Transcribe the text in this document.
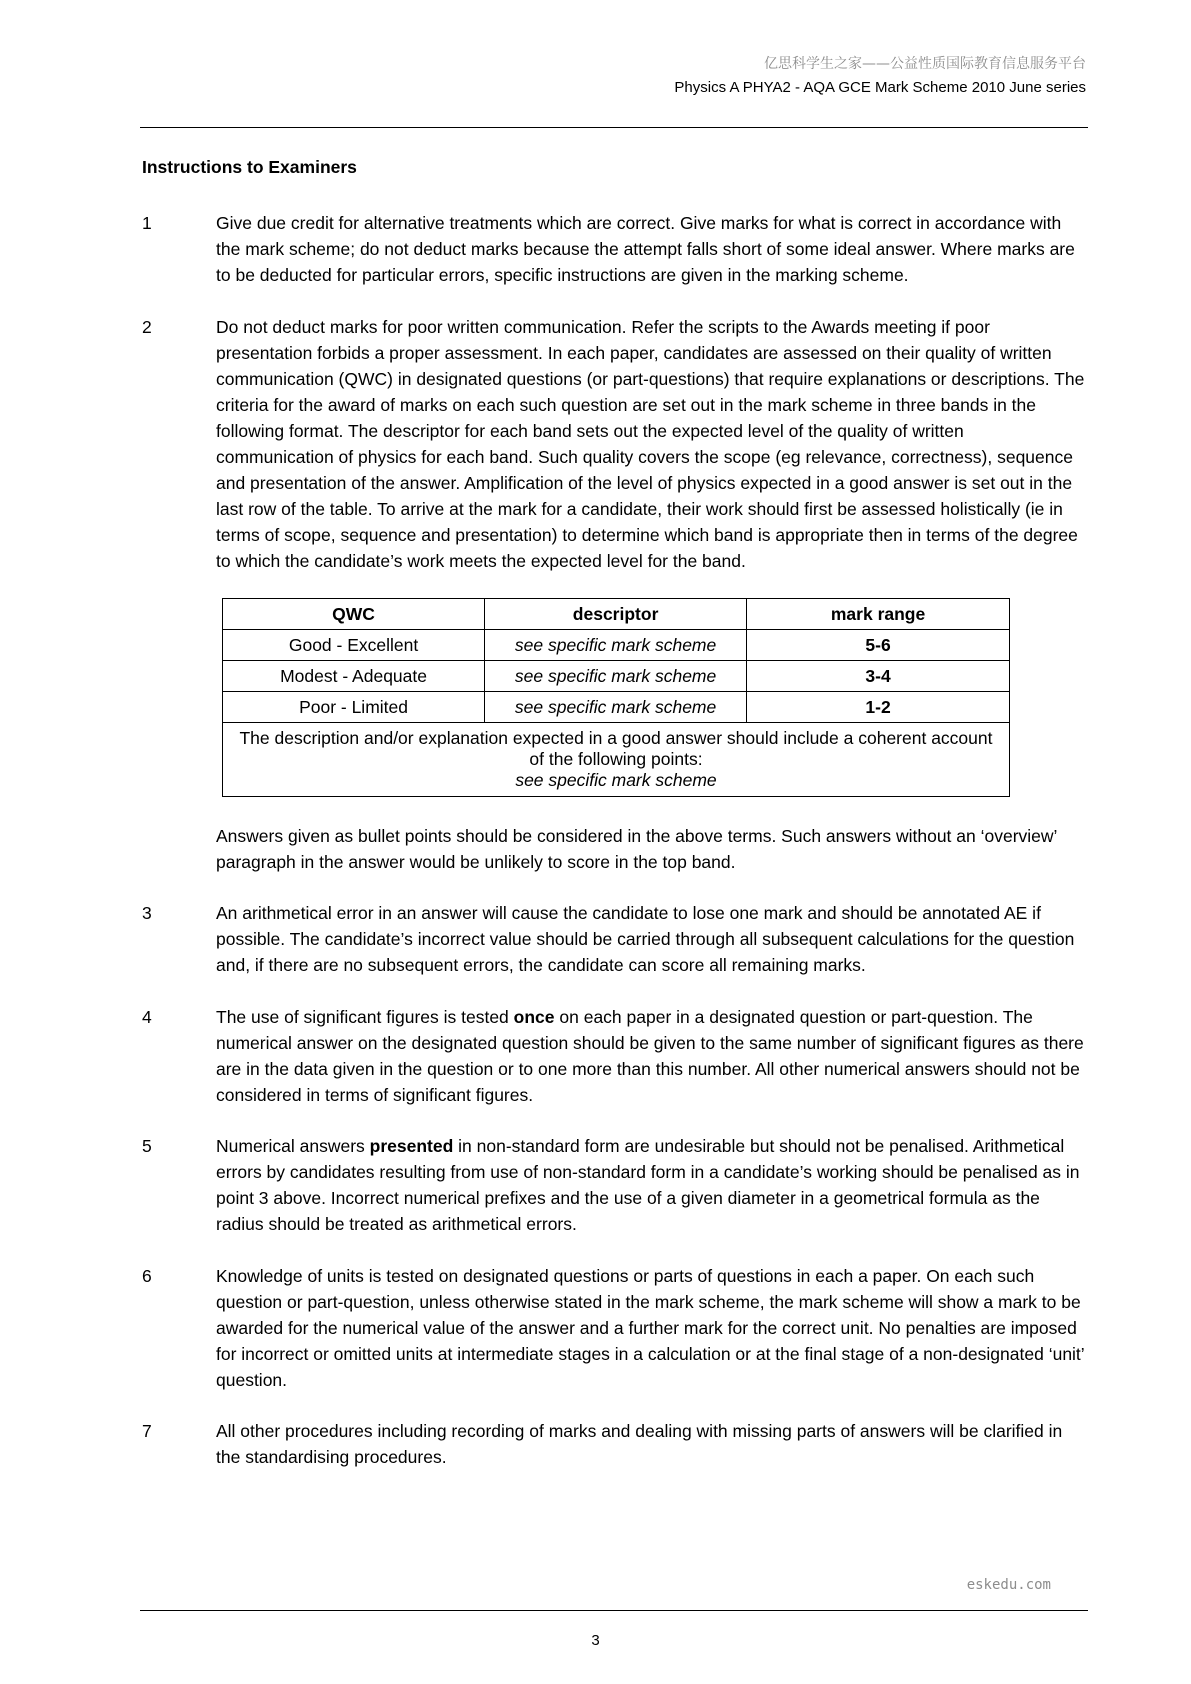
亿思科学生之家——公益性质国际教育信息服务平台
Physics A PHYA2 - AQA GCE Mark Scheme 2010 June series
Instructions to Examiners
1	Give due credit for alternative treatments which are correct. Give marks for what is correct in accordance with the mark scheme; do not deduct marks because the attempt falls short of some ideal answer. Where marks are to be deducted for particular errors, specific instructions are given in the marking scheme.

2	Do not deduct marks for poor written communication. Refer the scripts to the Awards meeting if poor presentation forbids a proper assessment. In each paper, candidates are assessed on their quality of written communication (QWC) in designated questions (or part-questions) that require explanations or descriptions. The criteria for the award of marks on each such question are set out in the mark scheme in three bands in the following format. The descriptor for each band sets out the expected level of the quality of written communication of physics for each band. Such quality covers the scope (eg relevance, correctness), sequence and presentation of the answer. Amplification of the level of physics expected in a good answer is set out in the last row of the table. To arrive at the mark for a candidate, their work should first be assessed holistically (ie in terms of scope, sequence and presentation) to determine which band is appropriate then in terms of the degree to which the candidate’s work meets the expected level for the band.

QWC	descriptor	mark range
Good - Excellent	see specific mark scheme	5-6
Modest - Adequate	see specific mark scheme	3-4
Poor - Limited	see specific mark scheme	1-2

The description and/or explanation expected in a good answer should include a coherent account of the following points:
see specific mark scheme		

Answers given as bullet points should be considered in the above terms. Such answers without an ‘overview’ paragraph in the answer would be unlikely to score in the top band.

3	An arithmetical error in an answer will cause the candidate to lose one mark and should be annotated AE if possible. The candidate’s incorrect value should be carried through all subsequent calculations for the question and, if there are no subsequent errors, the candidate can score all remaining marks.

4	The use of significant figures is tested once on each paper in a designated question or part-question. The numerical answer on the designated question should be given to the same number of significant figures as there are in the data given in the question or to one more than this number. All other numerical answers should not be considered in terms of significant figures.

5	Numerical answers presented in non-standard form are undesirable but should not be penalised. Arithmetical errors by candidates resulting from use of non-standard form in a candidate’s working should be penalised as in point 3 above. Incorrect numerical prefixes and the use of a given diameter in a geometrical formula as the radius should be treated as arithmetical errors.

6	Knowledge of units is tested on designated questions or parts of questions in each a paper. On each such question or part-question, unless otherwise stated in the mark scheme, the mark scheme will show a mark to be awarded for the numerical value of the answer and a further mark for the correct unit. No penalties are imposed for incorrect or omitted units at intermediate stages in a calculation or at the final stage of a non-designated ‘unit’ question.

7	All other procedures including recording of marks and dealing with missing parts of answers will be clarified in the standardising procedures.

eskedu.com
3
